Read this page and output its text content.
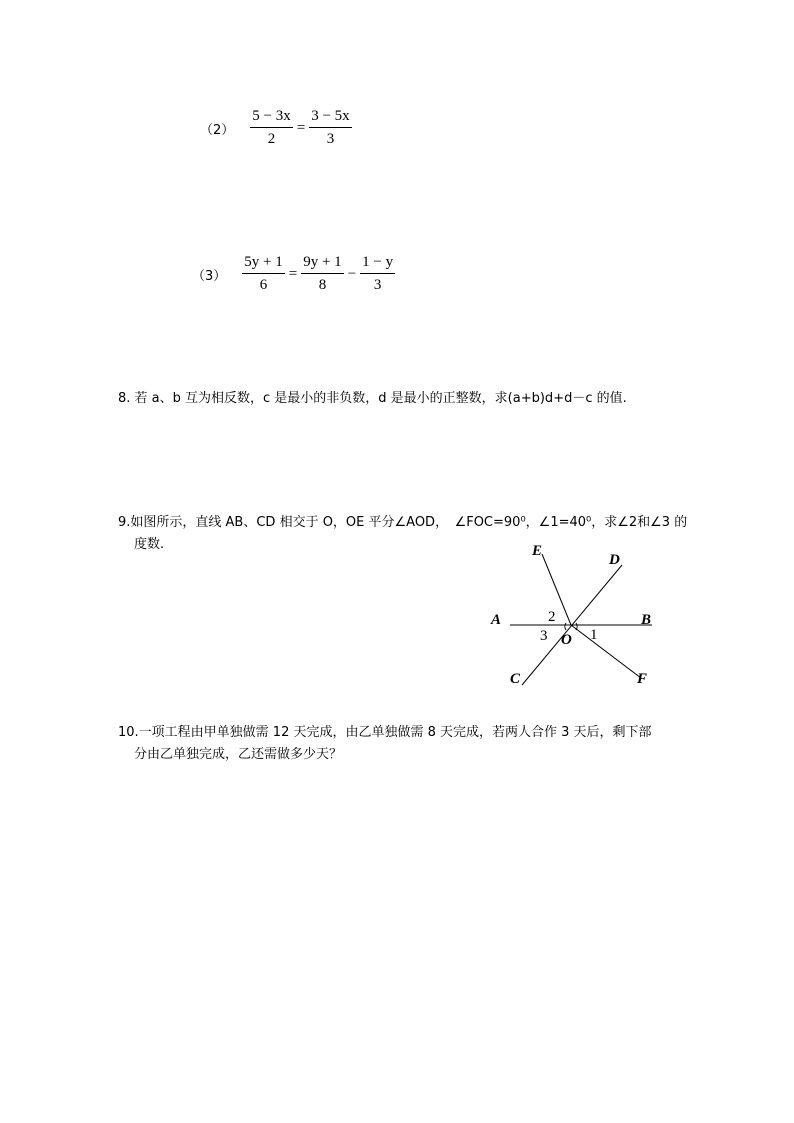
$(2) \frac{5 - 3x}{2} = \frac{3 - 5x}{3}$
$(3) \frac{5y + 1}{6} = \frac{9y + 1}{8} - \frac{1 - y}{3}$
8. 若 a、b 互为相反数，c 是最小的非负数，d 是最小的正整数，求(a+b)d+d－c 的值.
9.如图所示，直线 AB、CD 相交于 O，OE 平分∠AOD，　∠FOC=90⁰，∠1=40⁰，求∠2和∠3 的
度数.	E
D
A	B
O
C	F
1
2
3
10.一项工程由甲单独做需 12 天完成，由乙单独做需 8 天完成，若两人合作 3 天后，剩下部
分由乙单独完成，乙还需做多少天？
